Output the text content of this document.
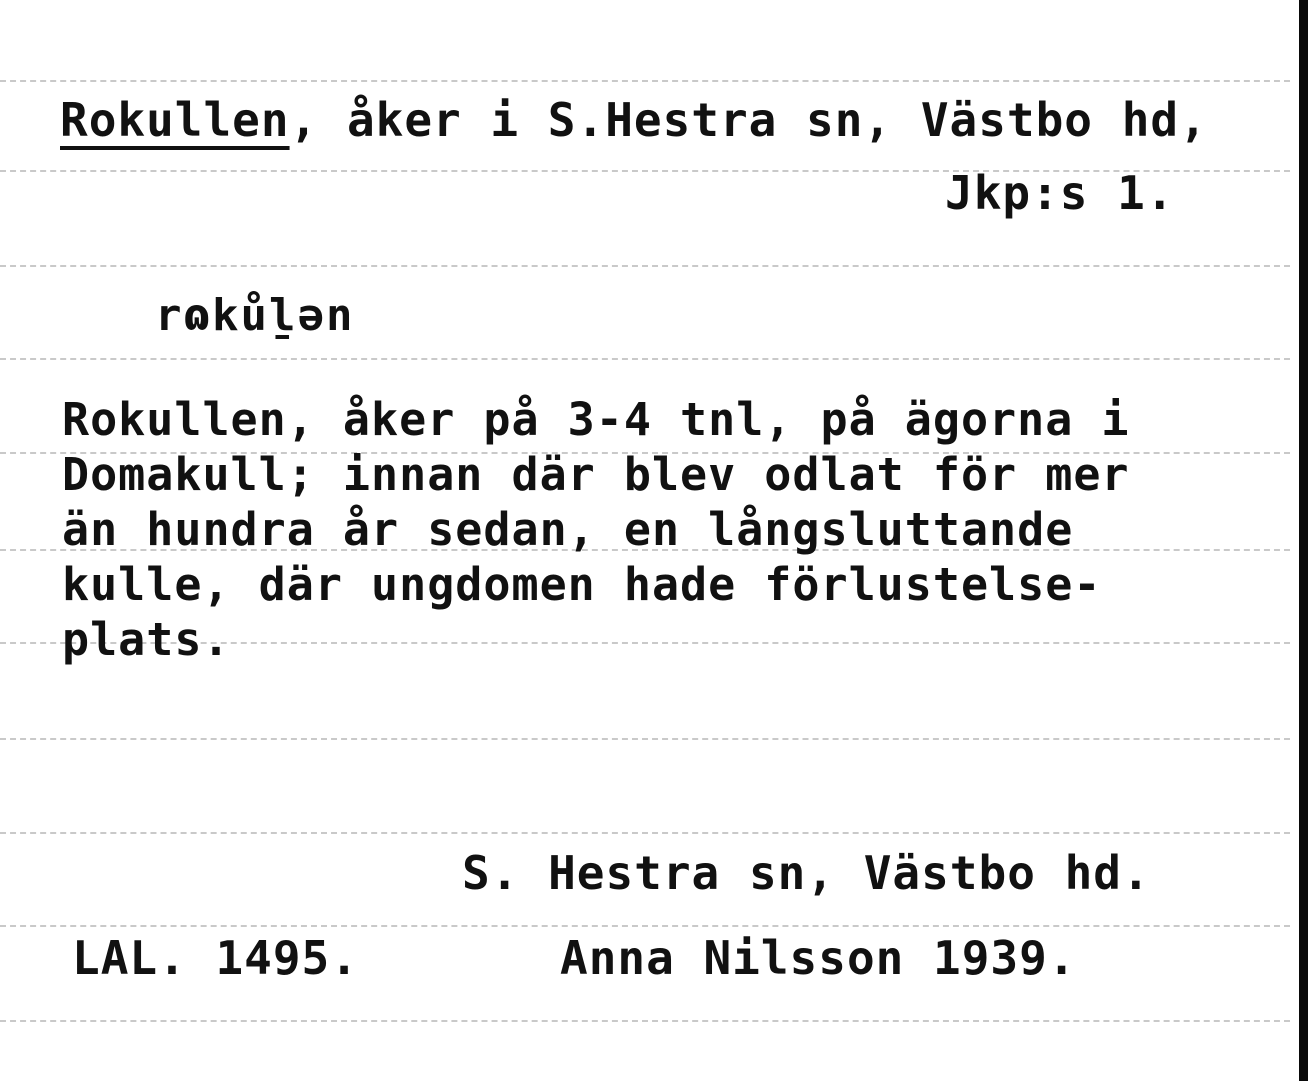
Rokullen, åker i S.Hestra sn, Västbo hd,
Jkp:s 1.
rɷkůḻən
Rokullen, åker på 3-4 tnl, på ägorna i
Domakull; innan där blev odlat för mer
än hundra år sedan, en långsluttande
kulle, där ungdomen hade förlustelse-
plats.
S. Hestra sn, Västbo hd.
LAL. 1495.	Anna Nilsson 1939.
